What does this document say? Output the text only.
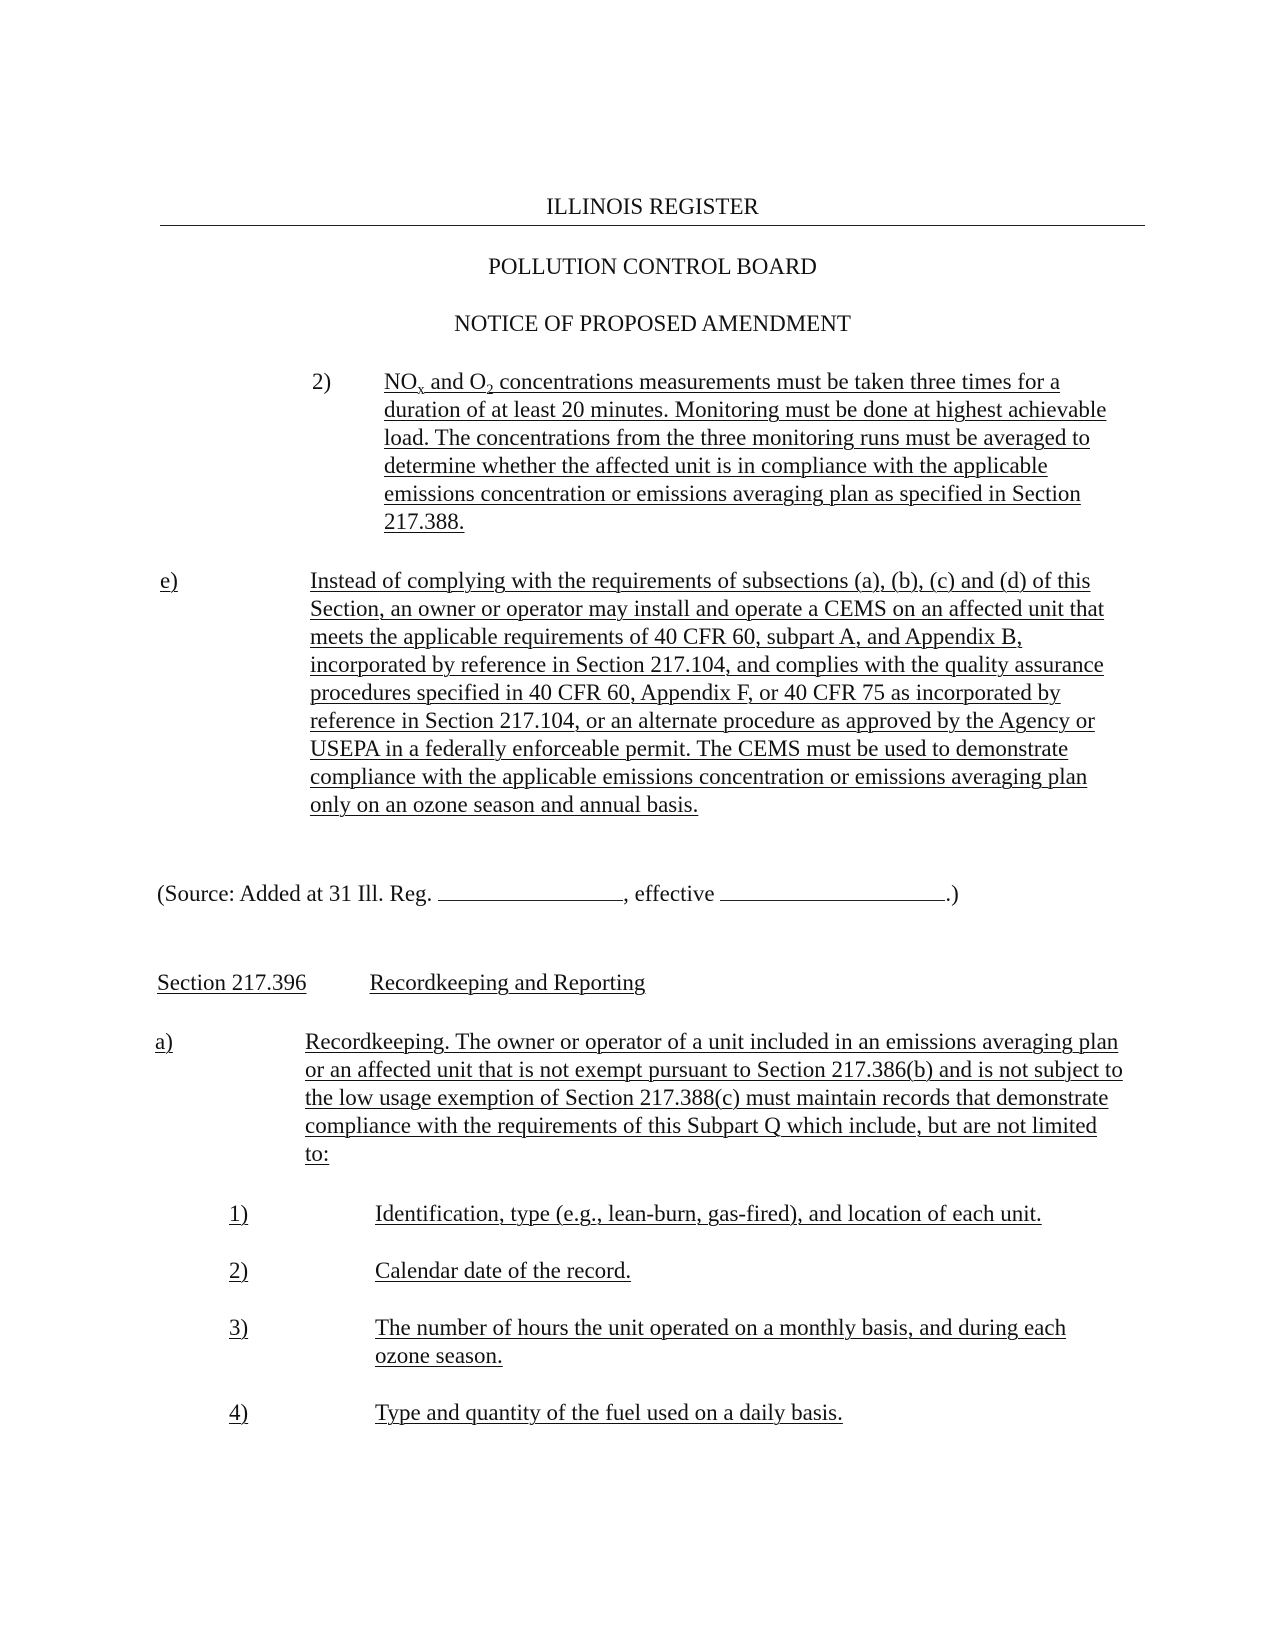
ILLINOIS REGISTER
POLLUTION CONTROL BOARD
NOTICE OF PROPOSED AMENDMENT
2) $NO_x$ and $O_2$ concentrations measurements must be taken three times for a duration of at least 20 minutes. Monitoring must be done at highest achievable load. The concentrations from the three monitoring runs must be averaged to determine whether the affected unit is in compliance with the applicable emissions concentration or emissions averaging plan as specified in Section 217.388.
e)	Instead of complying with the requirements of subsections (a), (b), (c) and (d) of this Section, an owner or operator may install and operate a CEMS on an affected unit that meets the applicable requirements of 40 CFR 60, subpart A, and Appendix B, incorporated by reference in Section 217.104, and complies with the quality assurance procedures specified in 40 CFR 60, Appendix F, or 40 CFR 75 as incorporated by reference in Section 217.104, or an alternate procedure as approved by the Agency or USEPA in a federally enforceable permit. The CEMS must be used to demonstrate compliance with the applicable emissions concentration or emissions averaging plan only on an ozone season and annual basis.
(Source: Added at 31 Ill. Reg.	, effective	.)
Section 217.396	Recordkeeping and Reporting
a)	Recordkeeping. The owner or operator of a unit included in an emissions averaging plan or an affected unit that is not exempt pursuant to Section 217.386(b) and is not subject to the low usage exemption of Section 217.388(c) must maintain records that demonstrate compliance with the requirements of this Subpart Q which include, but are not limited to:
1)	Identification, type (e.g., lean-burn, gas-fired), and location of each unit.
2)	Calendar date of the record.
3)	The number of hours the unit operated on a monthly basis, and during each ozone season.
4)	Type and quantity of the fuel used on a daily basis.
